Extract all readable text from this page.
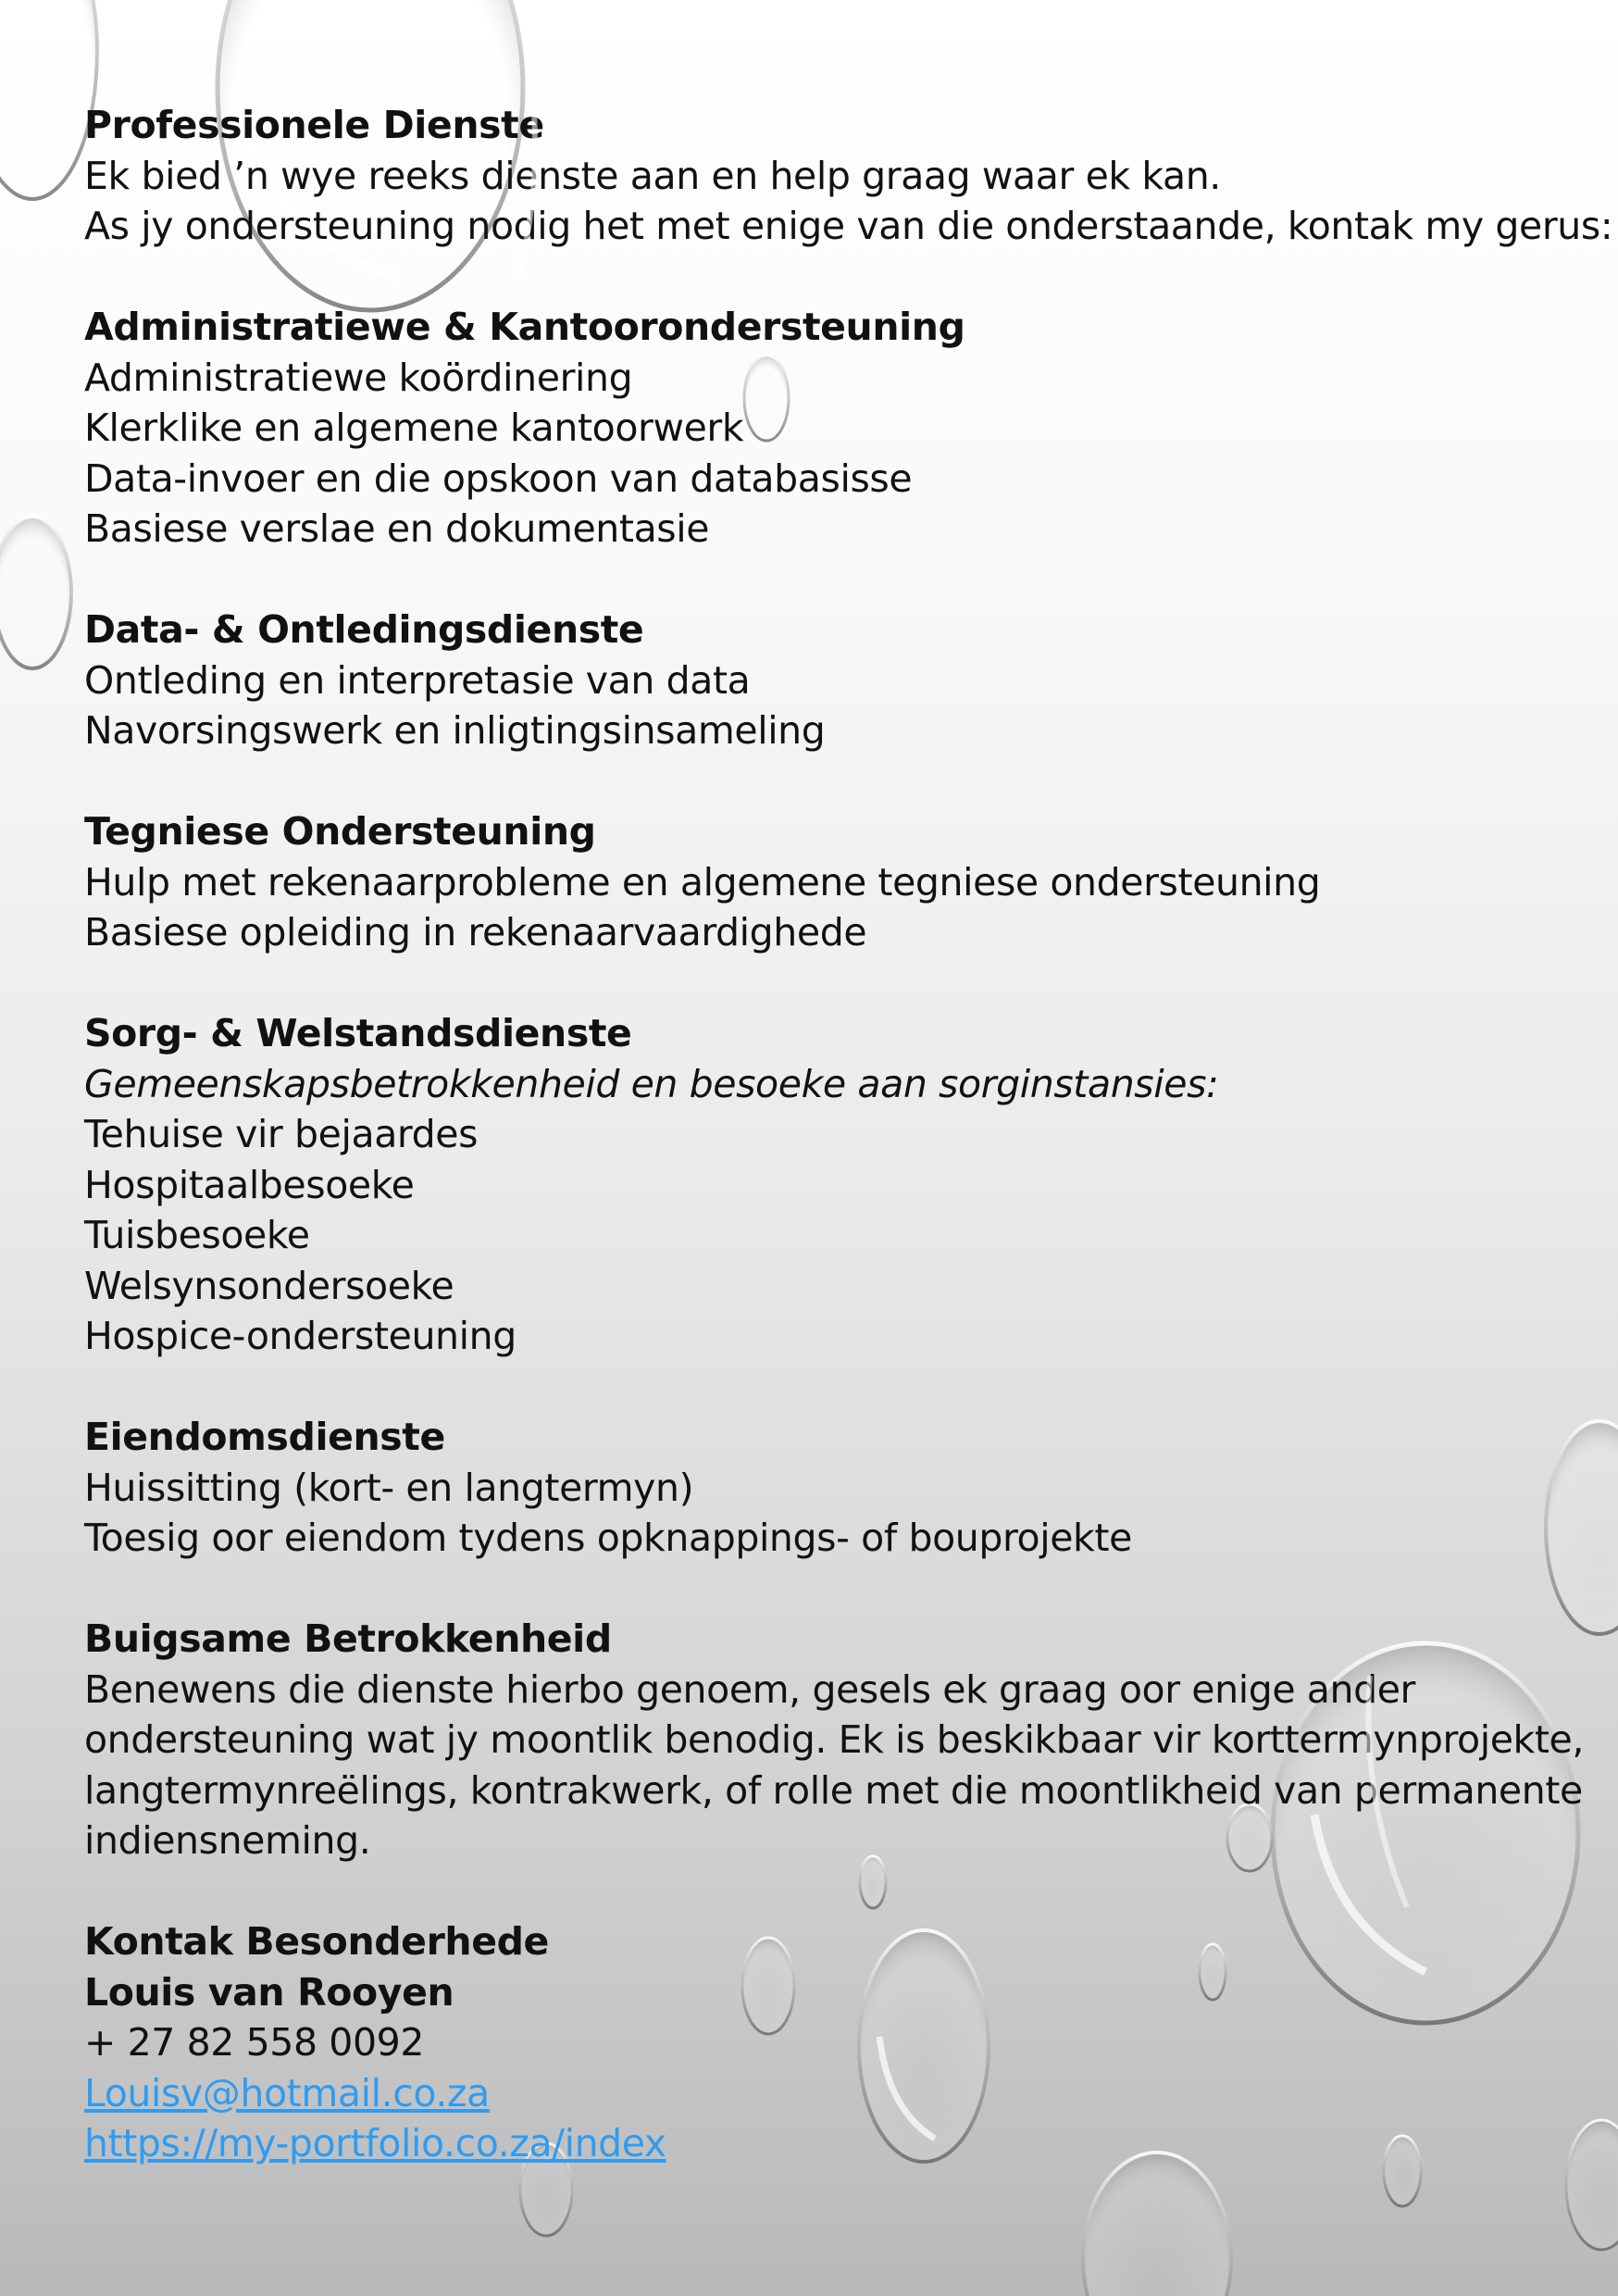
Professionele Dienste

Ek bied ’n wye reeks dienste aan en help graag waar ek kan.

As jy ondersteuning nodig het met enige van die onderstaande, kontak my gerus:

Administratiewe & Kantoorondersteuning

Administratiewe koördinering

Klerklike en algemene kantoorwerk

Data-invoer en die opskoon van databasisse

Basiese verslae en dokumentasie

Data- & Ontledingsdienste

Ontleding en interpretasie van data

Navorsingswerk en inligtingsinsameling

Tegniese Ondersteuning

Hulp met rekenaarprobleme en algemene tegniese ondersteuning

Basiese opleiding in rekenaarvaardighede

Sorg- & Welstandsdienste

Gemeenskapsbetrokkenheid en besoeke aan sorginstansies:

Tehuise vir bejaardes

Hospitaalbesoeke

Tuisbesoeke

Welsynsondersoeke

Hospice-ondersteuning

Eiendomsdienste

Huissitting (kort- en langtermyn)

Toesig oor eiendom tydens opknappings- of bouprojekte

Buigsame Betrokkenheid

Benewens die dienste hierbo genoem, gesels ek graag oor enige ander

ondersteuning wat jy moontlik benodig. Ek is beskikbaar vir korttermynprojekte,

langtermynreëlings, kontrakwerk, of rolle met die moontlikheid van permanente

indiensneming.

Kontak Besonderhede

Louis van Rooyen

+ 27 82 558 0092

Louisv@hotmail.co.za

https://my-portfolio.co.za/index
